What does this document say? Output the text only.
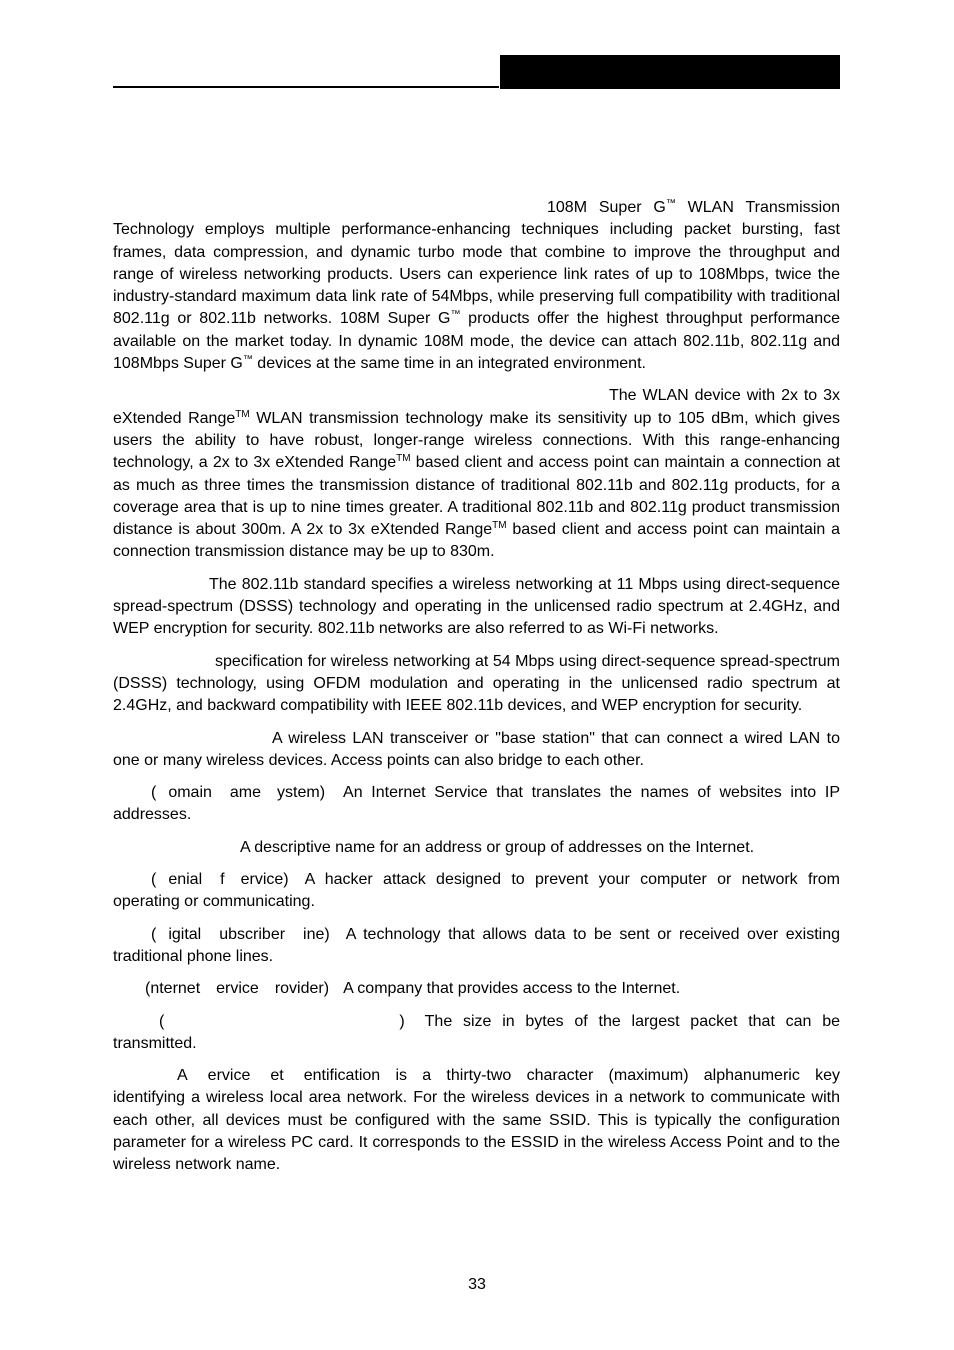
108M Super G™ WLAN Transmission Technology employs multiple performance-enhancing techniques including packet bursting, fast frames, data compression, and dynamic turbo mode that combine to improve the throughput and range of wireless networking products. Users can experience link rates of up to 108Mbps, twice the industry-standard maximum data link rate of 54Mbps, while preserving full compatibility with traditional 802.11g or 802.11b networks. 108M Super G™ products offer the highest throughput performance available on the market today. In dynamic 108M mode, the device can attach 802.11b, 802.11g and 108Mbps Super G™ devices at the same time in an integrated environment.

The WLAN device with 2x to 3x eXtended Range™ WLAN transmission technology make its sensitivity up to 105 dBm, which gives users the ability to have robust, longer-range wireless connections. With this range-enhancing technology, a 2x to 3x eXtended Range™ based client and access point can maintain a connection at as much as three times the transmission distance of traditional 802.11b and 802.11g products, for a coverage area that is up to nine times greater. A traditional 802.11b and 802.11g product transmission distance is about 300m. A 2x to 3x eXtended Range™ based client and access point can maintain a connection transmission distance may be up to 830m.

The 802.11b standard specifies a wireless networking at 11 Mbps using direct-sequence spread-spectrum (DSSS) technology and operating in the unlicensed radio spectrum at 2.4GHz, and WEP encryption for security. 802.11b networks are also referred to as Wi-Fi networks.

specification for wireless networking at 54 Mbps using direct-sequence spread-spectrum (DSSS) technology, using OFDM modulation and operating in the unlicensed radio spectrum at 2.4GHz, and backward compatibility with IEEE 802.11b devices, and WEP encryption for security.

A wireless LAN transceiver or "base station" that can connect a wired LAN to one or many wireless devices. Access points can also bridge to each other.

( omain ame ystem) An Internet Service that translates the names of websites into IP addresses.

A descriptive name for an address or group of addresses on the Internet.

( enial f ervice) A hacker attack designed to prevent your computer or network from operating or communicating.

( igital ubscriber ine) A technology that allows data to be sent or received over existing traditional phone lines.

(nternet ervice rovider) A company that provides access to the Internet.

(	) The size in bytes of the largest packet that can be transmitted.

A ervice et entification is a thirty-two character (maximum) alphanumeric key identifying a wireless local area network. For the wireless devices in a network to communicate with each other, all devices must be configured with the same SSID. This is typically the configuration parameter for a wireless PC card. It corresponds to the ESSID in the wireless Access Point and to the wireless network name.

33
